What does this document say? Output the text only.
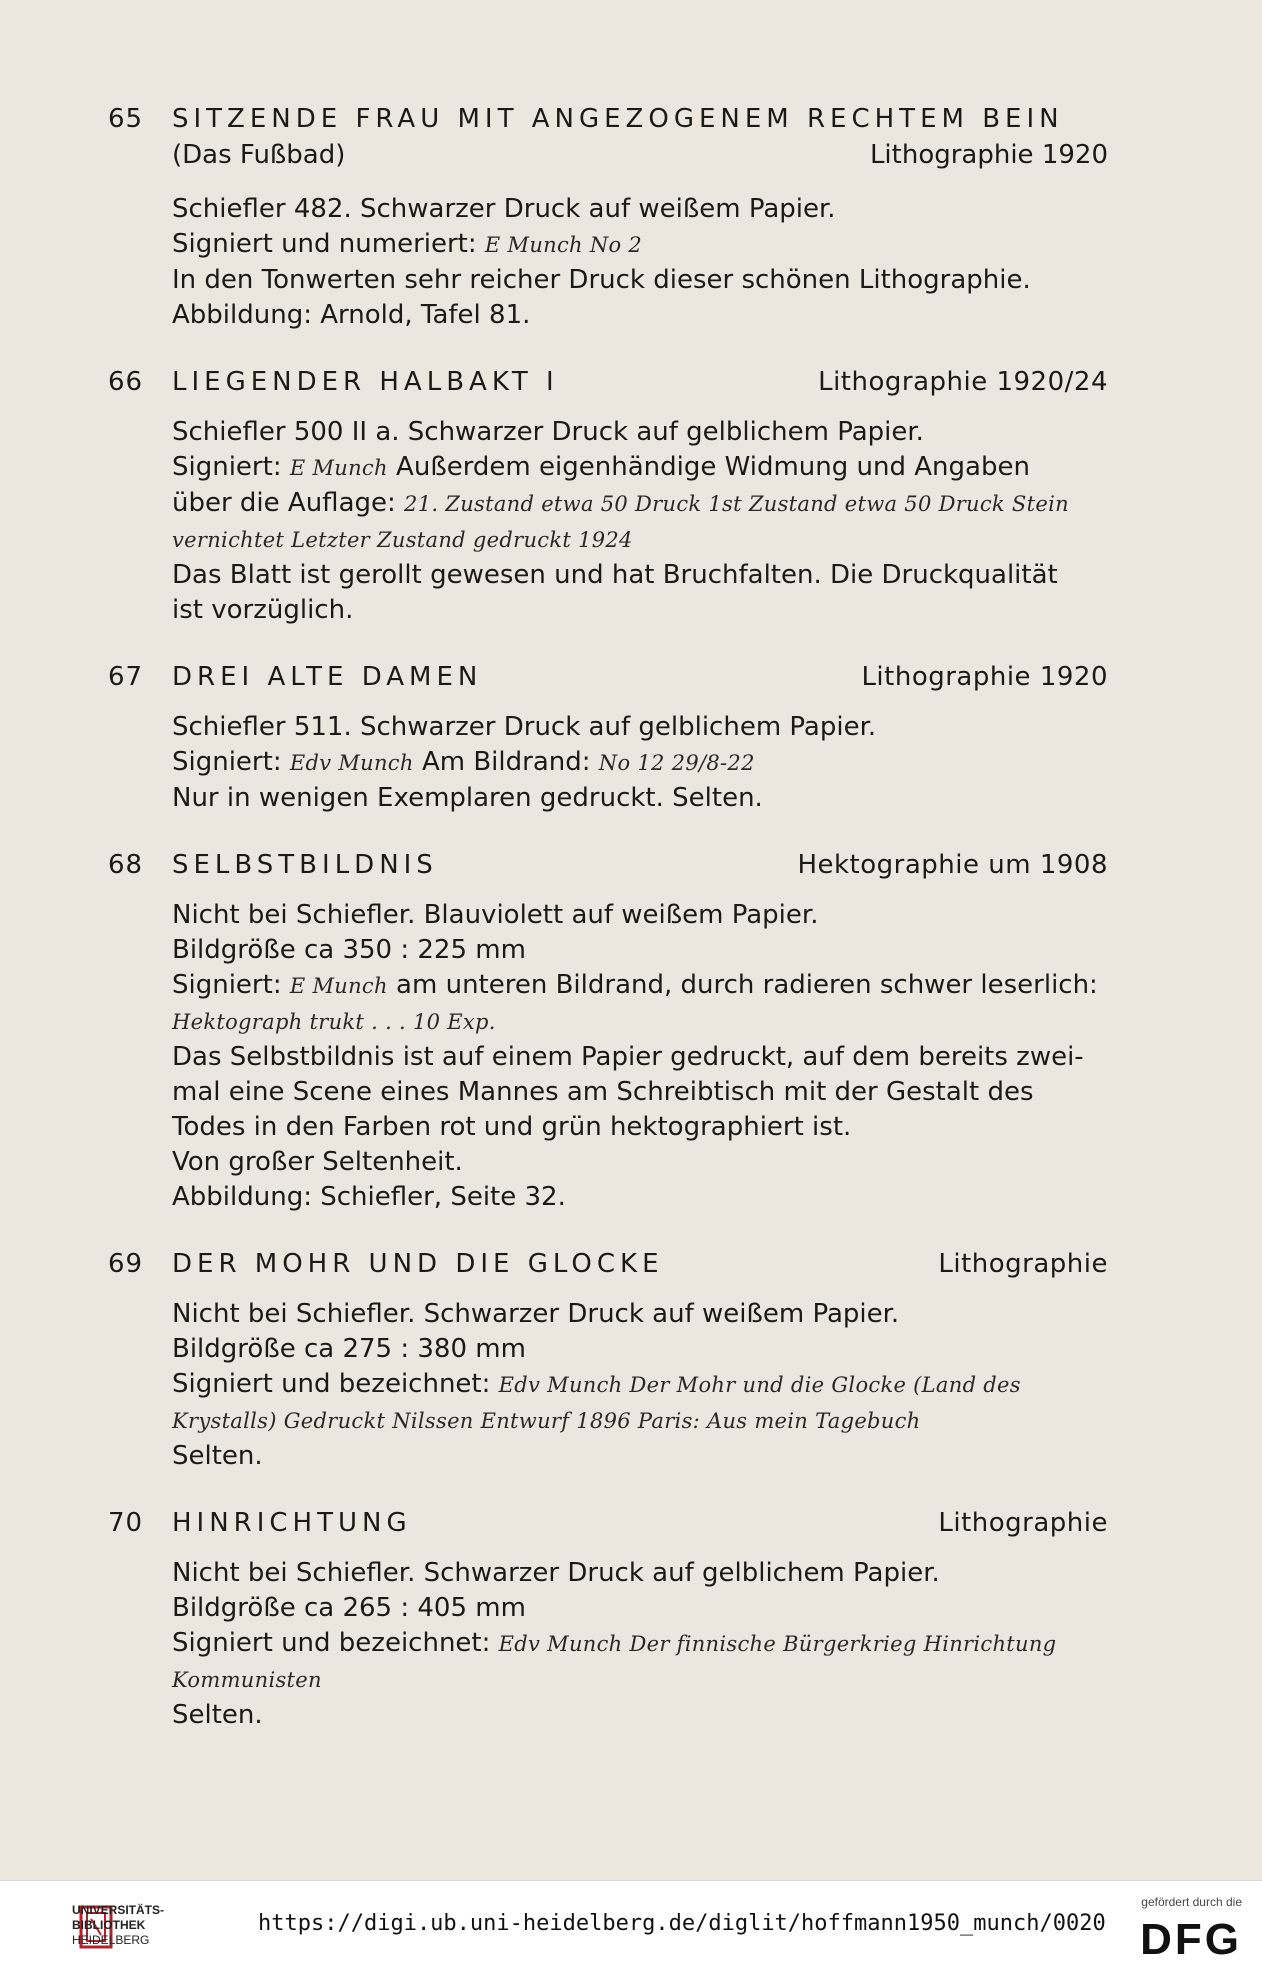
65	SITZENDE FRAU MIT ANGEZOGENEM RECHTEM BEIN
(Das Fußbad)	Lithographie 1920
Schiefler 482. Schwarzer Druck auf weißem Papier.
Signiert und numeriert: E Munch No 2
In den Tonwerten sehr reicher Druck dieser schönen Lithographie.
Abbildung: Arnold, Tafel 81.
66	LIEGENDER HALBAKT I	Lithographie 1920/24
Schiefler 500 II a. Schwarzer Druck auf gelblichem Papier.
Signiert: E Munch Außerdem eigenhändige Widmung und Angaben
über die Auflage: 21. Zustand etwa 50 Druck 1st Zustand etwa 50 Druck Stein
vernichtet Letzter Zustand gedruckt 1924
Das Blatt ist gerollt gewesen und hat Bruchfalten. Die Druckqualität
ist vorzüglich.
67	DREI ALTE DAMEN	Lithographie 1920
Schiefler 511. Schwarzer Druck auf gelblichem Papier.
Signiert: Edv Munch Am Bildrand: No 12 29/8-22
Nur in wenigen Exemplaren gedruckt. Selten.
68	SELBSTBILDNIS	Hektographie um 1908
Nicht bei Schiefler. Blauviolett auf weißem Papier.
Bildgröße ca 350 : 225 mm
Signiert: E Munch am unteren Bildrand, durch radieren schwer leserlich:
Hektograph trukt . . . 10 Exp.
Das Selbstbildnis ist auf einem Papier gedruckt, auf dem bereits zwei-
mal eine Scene eines Mannes am Schreibtisch mit der Gestalt des
Todes in den Farben rot und grün hektographiert ist.
Von großer Seltenheit.
Abbildung: Schiefler, Seite 32.
69	DER MOHR UND DIE GLOCKE	Lithographie
Nicht bei Schiefler. Schwarzer Druck auf weißem Papier.
Bildgröße ca 275 : 380 mm
Signiert und bezeichnet: Edv Munch Der Mohr und die Glocke (Land des
Krystalls) Gedruckt Nilssen Entwurf 1896 Paris: Aus mein Tagebuch
Selten.
70	HINRICHTUNG	Lithographie
Nicht bei Schiefler. Schwarzer Druck auf gelblichem Papier.
Bildgröße ca 265 : 405 mm
Signiert und bezeichnet: Edv Munch Der finnische Bürgerkrieg Hinrichtung
Kommunisten
Selten.
UNIVERSITÄTS-
BIBLIOTHEK
HEIDELBERG
https://digi.ub.uni-heidelberg.de/diglit/hoffmann1950_munch/0020
gefördert durch die
DFG
